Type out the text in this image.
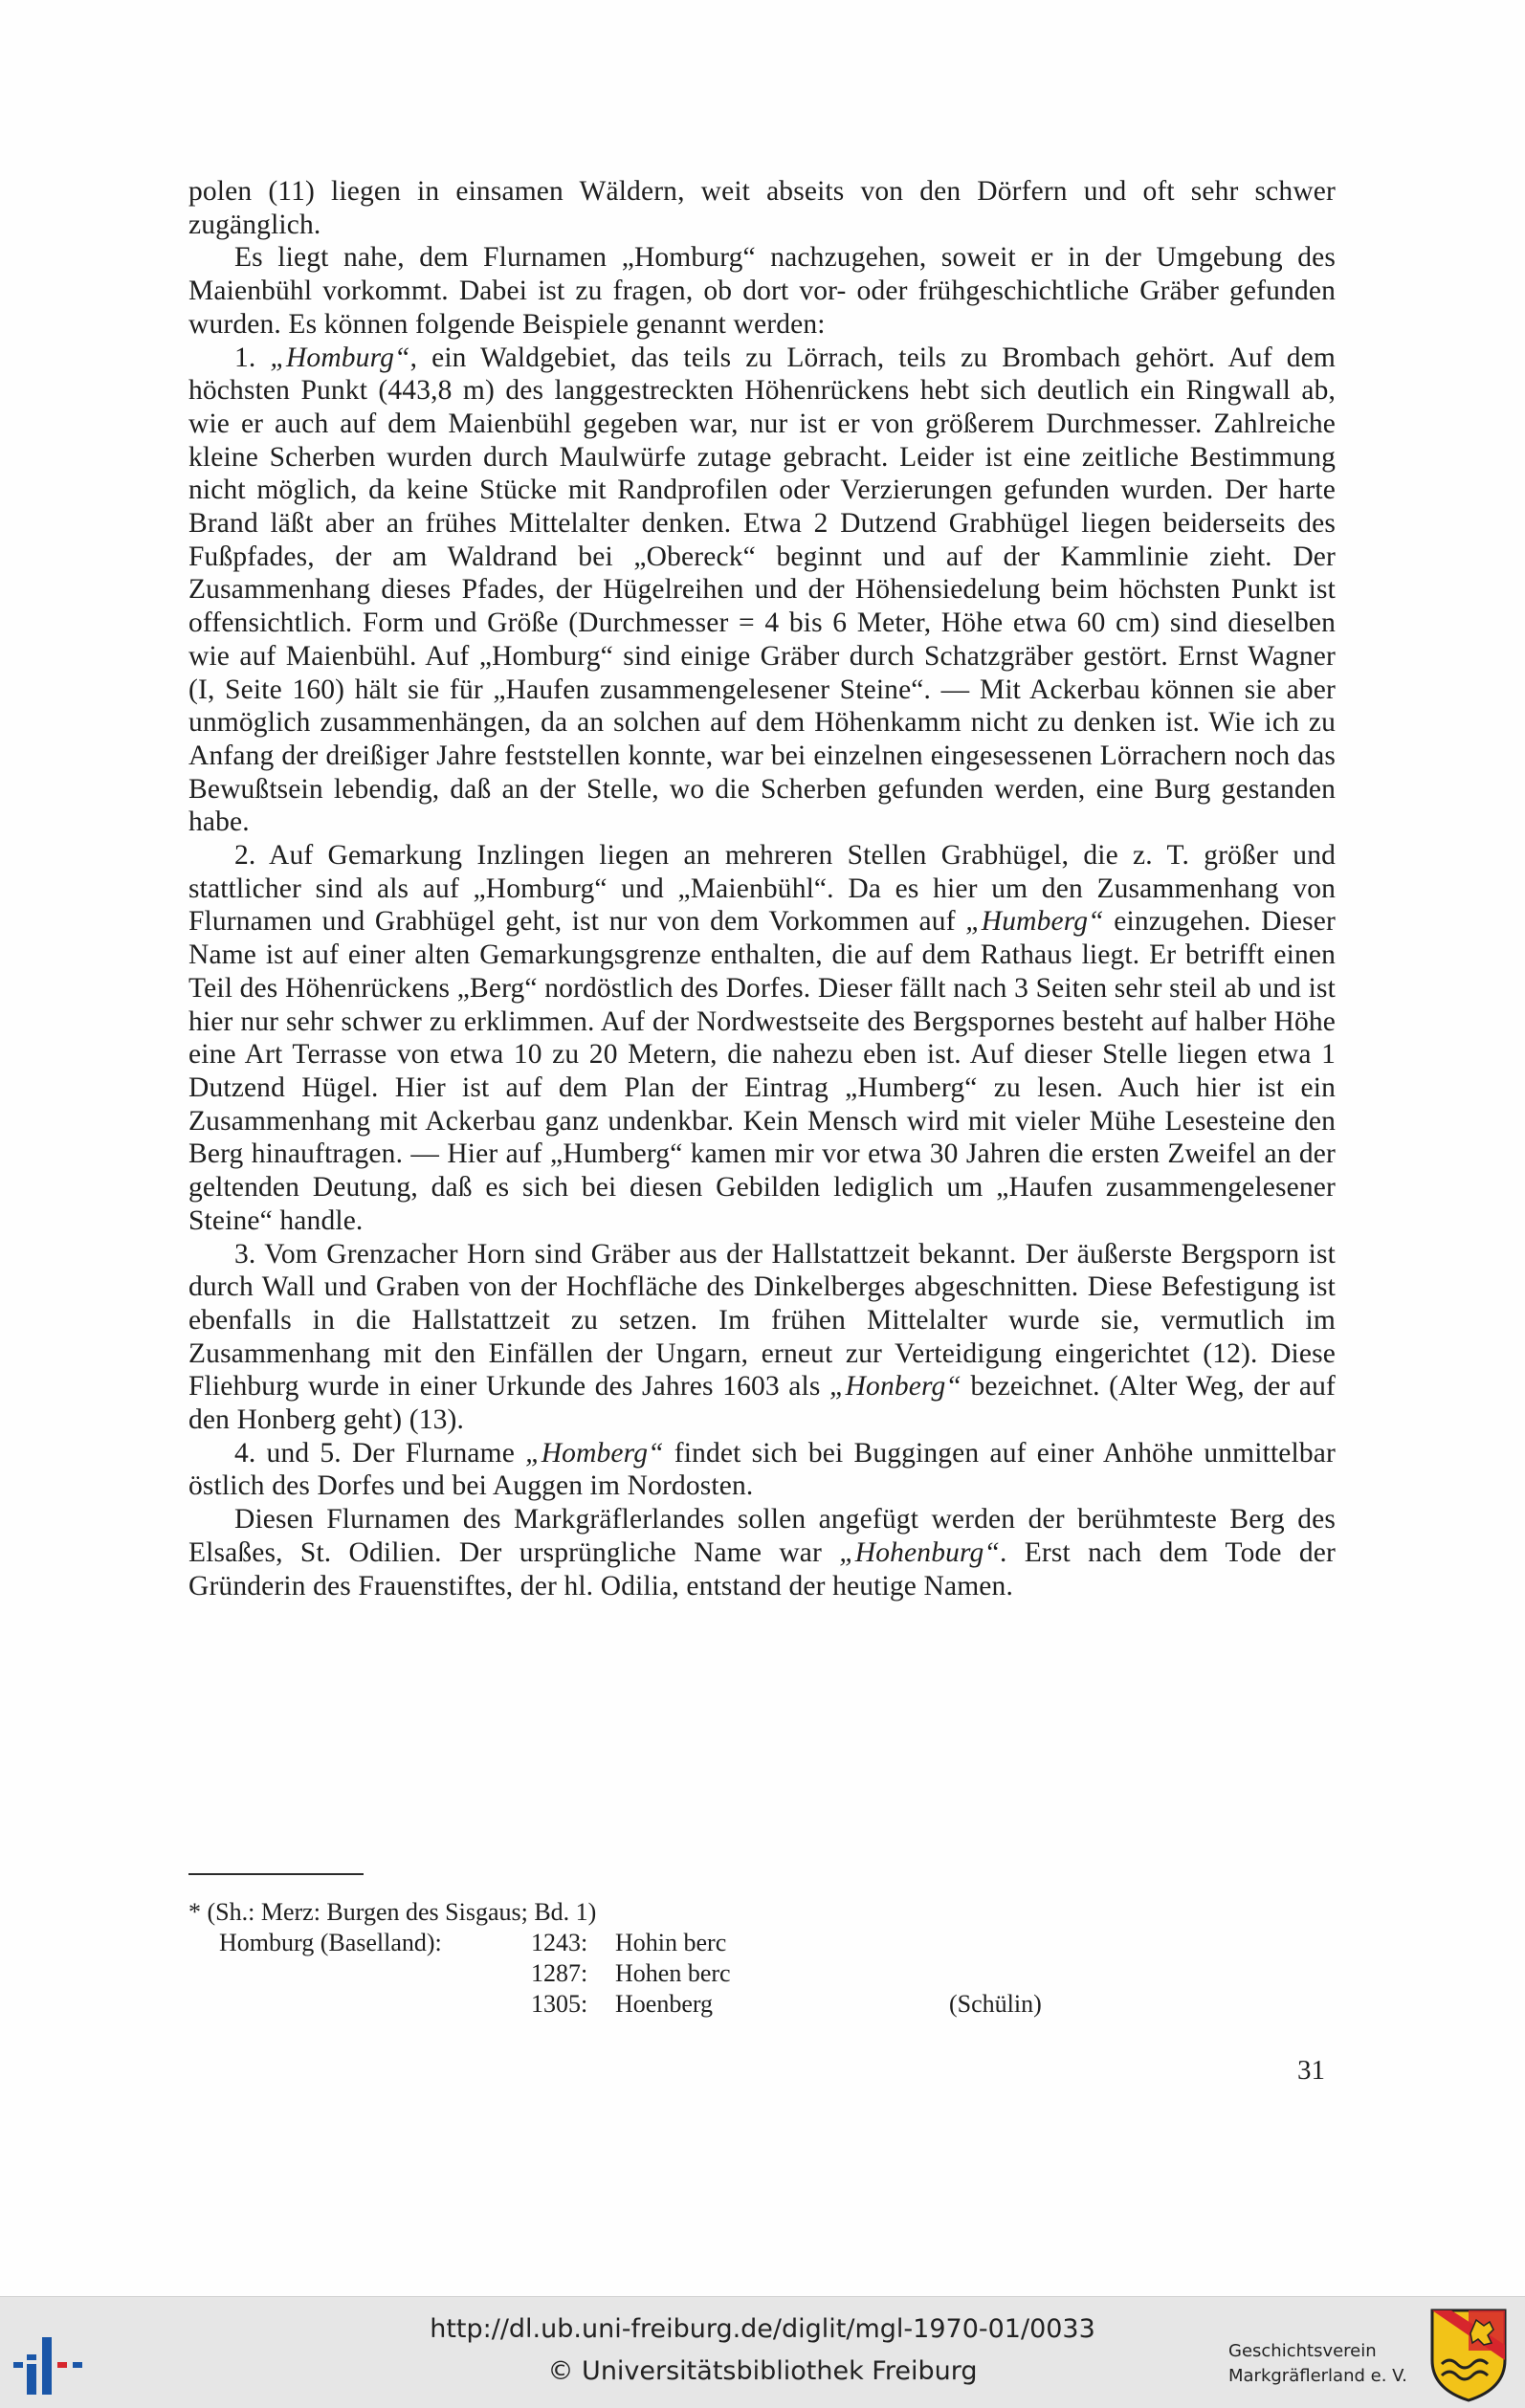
polen (11) liegen in einsamen Wäldern, weit abseits von den Dörfern und oft sehr schwer zugänglich.

Es liegt nahe, dem Flurnamen „Homburg“ nachzugehen, soweit er in der Umgebung des Maienbühl vorkommt. Dabei ist zu fragen, ob dort vor- oder frühgeschichtliche Gräber gefunden wurden. Es können folgende Beispiele genannt werden:

1. „Homburg“, ein Waldgebiet, das teils zu Lörrach, teils zu Brombach gehört. Auf dem höchsten Punkt (443,8 m) des langgestreckten Höhenrückens hebt sich deutlich ein Ringwall ab, wie er auch auf dem Maienbühl gegeben war, nur ist er von größerem Durchmesser. Zahlreiche kleine Scherben wurden durch Maulwürfe zutage gebracht. Leider ist eine zeitliche Bestimmung nicht möglich, da keine Stücke mit Randprofilen oder Verzierungen gefunden wurden. Der harte Brand läßt aber an frühes Mittelalter denken. Etwa 2 Dutzend Grabhügel liegen beiderseits des Fußpfades, der am Waldrand bei „Obereck“ beginnt und auf der Kammlinie zieht. Der Zusammenhang dieses Pfades, der Hügelreihen und der Höhensiedelung beim höchsten Punkt ist offensichtlich. Form und Größe (Durchmesser = 4 bis 6 Meter, Höhe etwa 60 cm) sind dieselben wie auf Maienbühl. Auf „Homburg“ sind einige Gräber durch Schatzgräber gestört. Ernst Wagner (I, Seite 160) hält sie für „Haufen zusammengelesener Steine“. — Mit Ackerbau können sie aber unmöglich zusammenhängen, da an solchen auf dem Höhenkamm nicht zu denken ist. Wie ich zu Anfang der dreißiger Jahre feststellen konnte, war bei einzelnen eingesessenen Lörrachern noch das Bewußtsein lebendig, daß an der Stelle, wo die Scherben gefunden werden, eine Burg gestanden habe.

2. Auf Gemarkung Inzlingen liegen an mehreren Stellen Grabhügel, die z. T. größer und stattlicher sind als auf „Homburg“ und „Maienbühl“. Da es hier um den Zusammenhang von Flurnamen und Grabhügel geht, ist nur von dem Vorkommen auf „Humberg“ einzugehen. Dieser Name ist auf einer alten Gemarkungsgrenze enthalten, die auf dem Rathaus liegt. Er betrifft einen Teil des Höhenrückens „Berg“ nordöstlich des Dorfes. Dieser fällt nach 3 Seiten sehr steil ab und ist hier nur sehr schwer zu erklimmen. Auf der Nordwestseite des Bergspornes besteht auf halber Höhe eine Art Terrasse von etwa 10 zu 20 Metern, die nahezu eben ist. Auf dieser Stelle liegen etwa 1 Dutzend Hügel. Hier ist auf dem Plan der Eintrag „Humberg“ zu lesen. Auch hier ist ein Zusammenhang mit Ackerbau ganz undenkbar. Kein Mensch wird mit vieler Mühe Lesesteine den Berg hinauftragen. — Hier auf „Humberg“ kamen mir vor etwa 30 Jahren die ersten Zweifel an der geltenden Deutung, daß es sich bei diesen Gebilden lediglich um „Haufen zusammengelesener Steine“ handle.

3. Vom Grenzacher Horn sind Gräber aus der Hallstattzeit bekannt. Der äußerste Bergsporn ist durch Wall und Graben von der Hochfläche des Dinkelberges abgeschnitten. Diese Befestigung ist ebenfalls in die Hallstattzeit zu setzen. Im frühen Mittelalter wurde sie, vermutlich im Zusammenhang mit den Einfällen der Ungarn, erneut zur Verteidigung eingerichtet (12). Diese Fliehburg wurde in einer Urkunde des Jahres 1603 als „Honberg“ bezeichnet. (Alter Weg, der auf den Honberg geht) (13).

4. und 5. Der Flurname „Homberg“ findet sich bei Buggingen auf einer Anhöhe unmittelbar östlich des Dorfes und bei Auggen im Nordosten.

Diesen Flurnamen des Markgräflerlandes sollen angefügt werden der berühmteste Berg des Elsaßes, St. Odilien. Der ursprüngliche Name war „Hohenburg“. Erst nach dem Tode der Gründerin des Frauenstiftes, der hl. Odilia, entstand der heutige Namen.

* (Sh.: Merz: Burgen des Sisgaus; Bd. 1)
Homburg (Baselland):	1243: Hohin berc
1287: Hohen berc
1305: Hoenberg	(Schülin)
31
http://dl.ub.uni-freiburg.de/diglit/mgl-1970-01/0033
© Universitätsbibliothek Freiburg
Geschichtsverein
Markgräflerland e. V.
